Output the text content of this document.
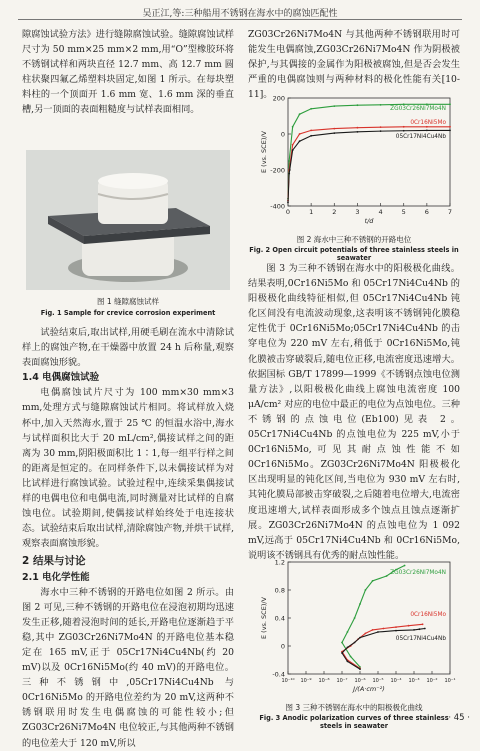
吴正江,等:三种船用不锈钢在海水中的腐蚀匹配性

隙腐蚀试验方法》进行缝隙腐蚀试验。缝隙腐蚀试样尺寸为 50 mm×25 mm×2 mm,用“O”型橡胶环将不锈钢试样和两块直径 12.7 mm、高 12.7 mm 圆柱状聚四氟乙烯塑料块固定,如图 1 所示。在每块塑料柱的一个顶面开 1.6 mm 宽、1.6 mm 深的垂直槽,另一顶面的表面粗糙度与试样表面相同。

图 1 缝隙腐蚀试样
Fig. 1 Sample for crevice corrosion experiment

试验结束后,取出试样,用硬毛刷在流水中清除试样上的腐蚀产物,在干燥器中放置 24 h 后称量,观察表面腐蚀形貌。

1.4 电偶腐蚀试验

电偶腐蚀试片尺寸为 100 mm×30 mm×3 mm,处理方式与缝隙腐蚀试片相同。将试样放入烧杯中,加入天然海水,置于 25 ℃ 的恒温水浴中,海水与试样面积比大于 20 mL/cm²,偶接试样之间的距离为 30 mm,阴阳极面积比 1∶1,每一组平行样之间的距离是恒定的。在同样条件下,以未偶接试样为对比试样进行腐蚀试验。试验过程中,连续采集偶接试样的电偶电位和电偶电流,同时测量对比试样的自腐蚀电位。试验期间,使偶接试样始终处于电连接状态。试验结束后取出试样,清除腐蚀产物,并烘干试样,观察表面腐蚀形貌。

2 结果与讨论

2.1 电化学性能

海水中三种不锈钢的开路电位如图 2 所示。由图 2 可见,三种不锈钢的开路电位在浸泡初期均迅速发生正移,随着浸泡时间的延长,开路电位逐渐趋于平稳,其中 ZG03Cr26Ni7Mo4N 的开路电位基本稳定在 165 mV,正于 05Cr17Ni4Cu4Nb(约 20 mV)以及 0Cr16Ni5Mo(约 40 mV)的开路电位。三种不锈钢中,05Cr17Ni4Cu4Nb 与 0Cr16Ni5Mo 的开路电位差约为 20 mV,这两种不锈钢联用时发生电偶腐蚀的可能性较小;但 ZG03Cr26Ni7Mo4N 电位较正,与其他两种不锈钢的电位差大于 120 mV,所以

ZG03Cr26Ni7Mo4N 与其他两种不锈钢联用时可能发生电偶腐蚀,ZG03Cr26Ni7Mo4N 作为阴极被保护,与其偶接的金属作为阳极被腐蚀,但是否会发生严重的电偶腐蚀则与两种材料的极化性能有关[10-11]。 200
0
-200
-400
0	1	2	3	4	5	6	7
t/d
E (vs. SCE)/V
ZG03Cr26Ni7Mo4N
0Cr16Ni5Mo
05Cr17Ni4Cu4Nb
图 2 海水中三种不锈钢的开路电位
Fig. 2 Open circuit potentials of three stainless steels in seawater

图 3 为三种不锈钢在海水中的阳极极化曲线。结果表明,0Cr16Ni5Mo 和 05Cr17Ni4Cu4Nb 的阳极极化曲线特征相似,但 05Cr17Ni4Cu4Nb 钝化区间没有电流波动现象,这表明该不锈钢钝化膜稳定性优于 0Cr16Ni5Mo;05Cr17Ni4Cu4Nb 的击穿电位为 220 mV 左右,稍低于 0Cr16Ni5Mo,钝化膜被击穿破裂后,随电位正移,电流密度迅速增大。依据国标 GB/T 17899—1999《不锈钢点蚀电位测量方法》,以阳极极化曲线上腐蚀电流密度 100 μA/cm² 对应的电位中最正的电位为点蚀电位。三种不锈钢的点蚀电位(Eb100)见表 2。05Cr17Ni4Cu4Nb 的点蚀电位为 225 mV,小于 0Cr16Ni5Mo,可见其耐点蚀性能不如 0Cr16Ni5Mo。ZG03Cr26Ni7Mo4N 阳极极化区出现明显的钝化区间,当电位为 930 mV 左右时,其钝化膜局部被击穿破裂,之后随着电位增大,电流密度迅速增大,试样表面形成多个蚀点且蚀点逐渐扩展。ZG03Cr26Ni7Mo4N 的点蚀电位为 1 092 mV,远高于 05Cr17Ni4Cu4Nb 和 0Cr16Ni5Mo,说明该不锈钢具有优秀的耐点蚀性能。

1.2
0.8
0.4
0
-0.4
10⁻¹⁰ 10⁻⁹ 10⁻⁸ 10⁻⁷ 10⁻⁶ 10⁻⁵ 10⁻⁴ 10⁻³ 10⁻² 10⁻¹
J/(A·cm⁻²)
E (vs. SCE)/V
ZG03Cr26Ni7Mo4N
0Cr16Ni5Mo
05Cr17Ni4Cu4Nb
图 3 三种不锈钢在海水中的阳极极化曲线
Fig. 3 Anodic polarization curves of three stainless steels in seawater
· 45 ·
